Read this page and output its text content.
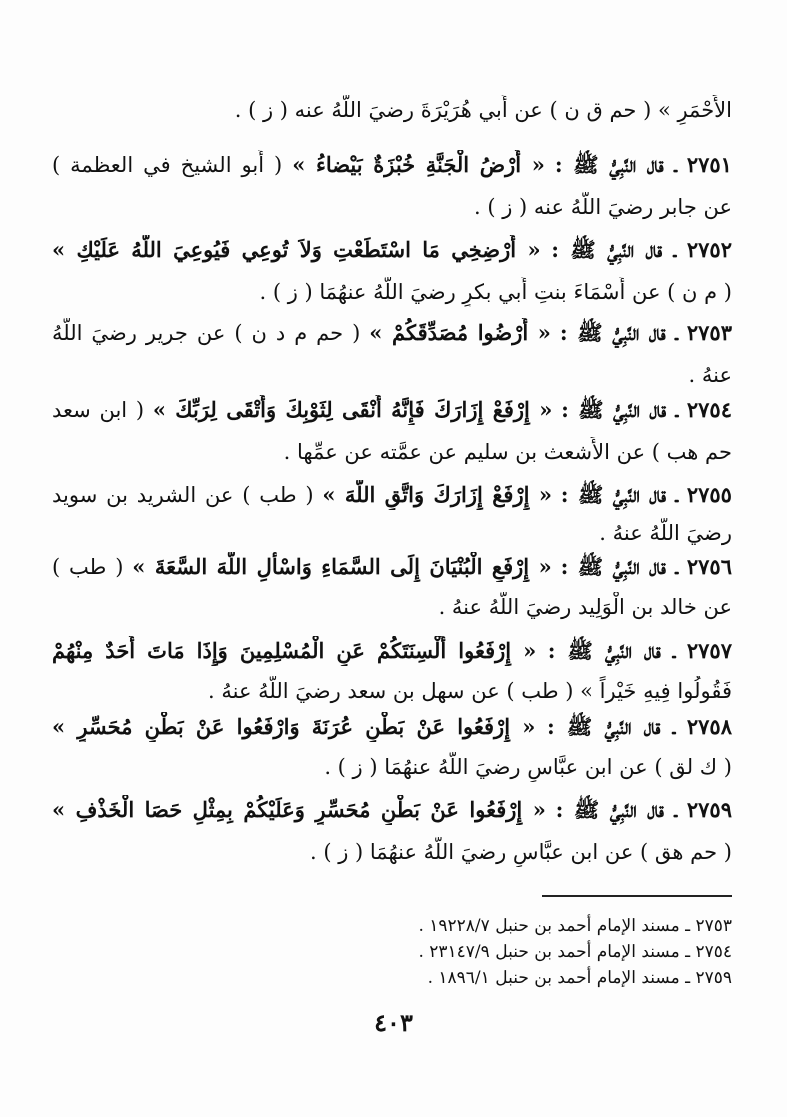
الأَحْمَرِ » ( حم ق ن ) عن أَبي هُرَيْرَةَ رضيَ اللَّهُ عنه ( ز ) .
٢٧٥١ ـ قال النَّبِيُّ ﷺ : « أَرْضُ الْجَنَّةِ خُبْزَةٌ بَيْضاءُ » ( أَبو الشيخ في العظمة )
عن جابر رضيَ اللَّهُ عنه ( ز ) .
٢٧٥٢ ـ قال النَّبِيُّ ﷺ : « أَرْضِخِي مَا اسْتَطَعْتِ وَلاَ تُوعِي فَيُوعِيَ اللَّهُ عَلَيْكِ »
( م ن ) عن أَسْمَاءَ بنتِ أَبي بكرٍ رضيَ اللَّهُ عنهُمَا ( ز ) .
٢٧٥٣ ـ قال النَّبِيُّ ﷺ : « أَرْضُوا مُصَدِّقَكُمْ » ( حم م د ن ) عن جرير رضيَ اللَّهُ
عنهُ .
٢٧٥٤ ـ قال النَّبِيُّ ﷺ : « إِرْفَعْ إِزَارَكَ فَإِنَّهُ أَنْقَى لِثَوْبِكَ وَأَتْقَى لِرَبِّكَ » ( ابن سعد
حم هب ) عن الأَشعث بن سليم عن عمَّته عن عمِّها .
٢٧٥٥ ـ قال النَّبِيُّ ﷺ : « إِرْفَعْ إِزَارَكَ وَاتَّقِ اللَّهَ » ( طب ) عن الشريد بن سويد
رضيَ اللَّهُ عنهُ .
٢٧٥٦ ـ قال النَّبِيُّ ﷺ : « إِرْفَعِ الْبُنْيَانَ إِلَى السَّمَاءِ وَاسْأَلِ اللَّهَ السَّعَةَ » ( طب )
عن خالد بن الْوَلِيد رضيَ اللَّهُ عنهُ .
٢٧٥٧ ـ قال النَّبِيُّ ﷺ : « إِرْفَعُوا أَلْسِنَتَكُمْ عَنِ الْمُسْلِمِينَ وَإِذَا مَاتَ أَحَدٌ مِنْهُمْ
فَقُولُوا فِيهِ خَيْراً » ( طب ) عن سهل بن سعد رضيَ اللَّهُ عنهُ .
٢٧٥٨ ـ قال النَّبِيُّ ﷺ : « إِرْفَعُوا عَنْ بَطْنِ عُرَنَةَ وَارْفَعُوا عَنْ بَطْنِ مُحَسِّرٍ »
( ك لق ) عن ابن عبَّاسٍ رضيَ اللَّهُ عنهُمَا ( ز ) .
٢٧٥٩ ـ قال النَّبِيُّ ﷺ : « إِرْفَعُوا عَنْ بَطْنِ مُحَسِّرٍ وَعَلَيْكُمْ بِمِثْلِ حَصَا الْخَذْفِ »
( حم هق ) عن ابن عبَّاسٍ رضيَ اللَّهُ عنهُمَا ( ز ) .
٢٧٥٣ ـ مسند الإمام أحمد بن حنبل ١٩٢٢٨/٧ .
٢٧٥٤ ـ مسند الإمام أحمد بن حنبل ٢٣١٤٧/٩ .
٢٧٥٩ ـ مسند الإمام أحمد بن حنبل ١٨٩٦/١ .
٤٠٣
